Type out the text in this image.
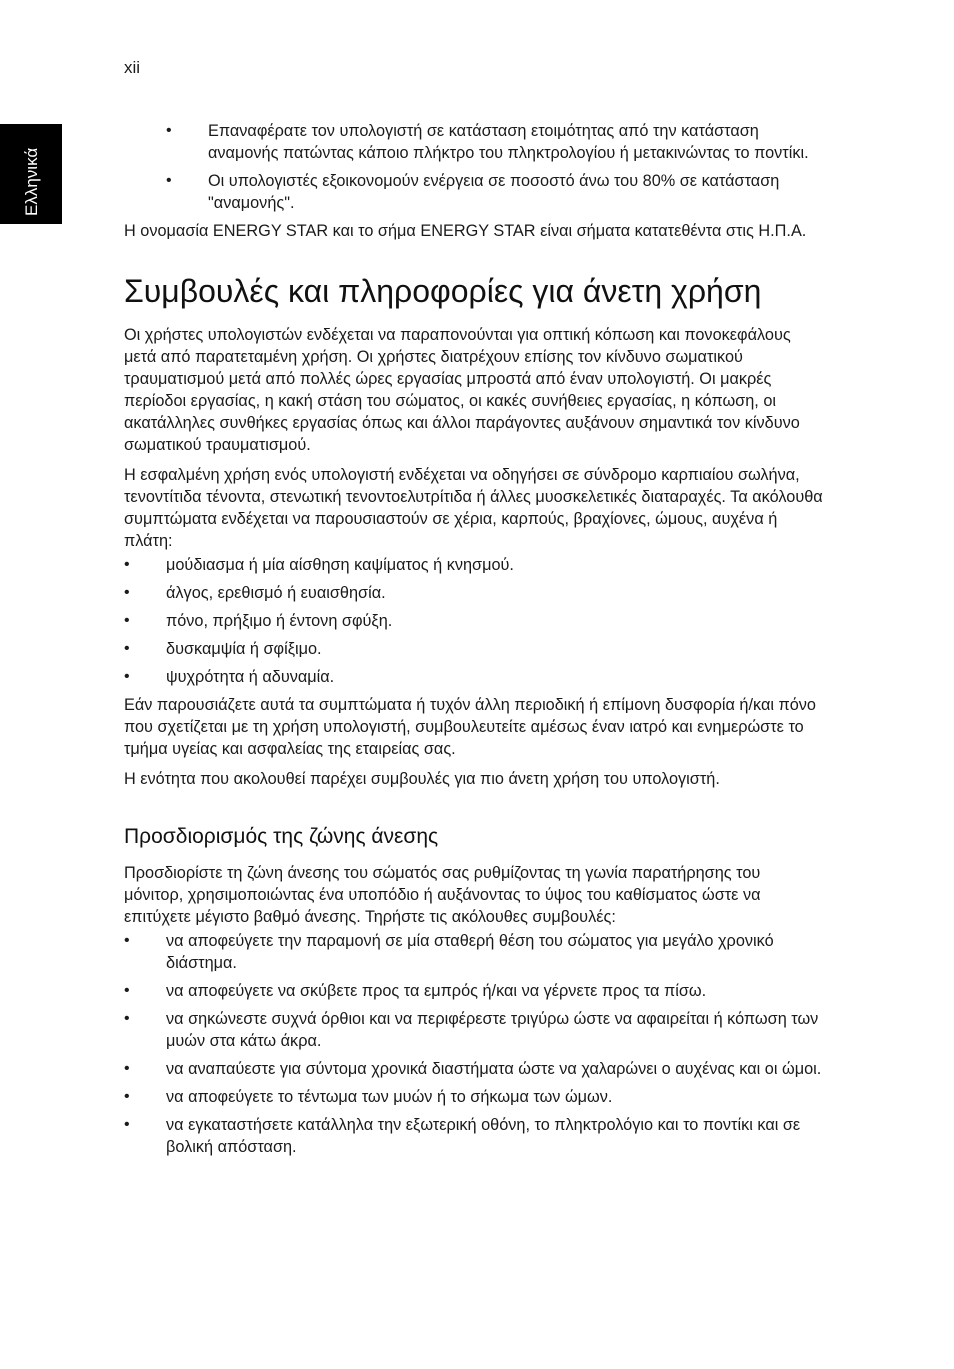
xii
Ελληνικά
• Επαναφέρατε τον υπολογιστή σε κατάσταση ετοιμότητας από την κατάσταση αναμονής πατώντας κάποιο πλήκτρο του πληκτρολογίου ή μετακινώντας το ποντίκι.
• Οι υπολογιστές εξοικονομούν ενέργεια σε ποσοστό άνω του 80% σε κατάσταση "αναμονής".

Η ονομασία ENERGY STAR και το σήμα ENERGY STAR είναι σήματα κατατεθέντα στις Η.Π.Α.

Συμβουλές και πληροφορίες για άνετη χρήση

Οι χρήστες υπολογιστών ενδέχεται να παραπονούνται για οπτική κόπωση και πονοκεφάλους μετά από παρατεταμένη χρήση. Οι χρήστες διατρέχουν επίσης τον κίνδυνο σωματικού τραυματισμού μετά από πολλές ώρες εργασίας μπροστά από έναν υπολογιστή. Οι μακρές περίοδοι εργασίας, η κακή στάση του σώματος, οι κακές συνήθειες εργασίας, η κόπωση, οι ακατάλληλες συνθήκες εργασίας όπως και άλλοι παράγοντες αυξάνουν σημαντικά τον κίνδυνο σωματικού τραυματισμού.

Η εσφαλμένη χρήση ενός υπολογιστή ενδέχεται να οδηγήσει σε σύνδρομο καρπιαίου σωλήνα, τενοντίτιδα τένοντα, στενωτική τενοντοελυτρίτιδα ή άλλες μυοσκελετικές διαταραχές. Τα ακόλουθα συμπτώματα ενδέχεται να παρουσιαστούν σε χέρια, καρπούς, βραχίονες, ώμους, αυχένα ή πλάτη:

• μούδιασμα ή μία αίσθηση καψίματος ή κνησμού.
• άλγος, ερεθισμό ή ευαισθησία.
• πόνο, πρήξιμο ή έντονη σφύξη.
• δυσκαμψία ή σφίξιμο.
• ψυχρότητα ή αδυναμία.

Εάν παρουσιάζετε αυτά τα συμπτώματα ή τυχόν άλλη περιοδική ή επίμονη δυσφορία ή/και πόνο που σχετίζεται με τη χρήση υπολογιστή, συμβουλευτείτε αμέσως έναν ιατρό και ενημερώστε το τμήμα υγείας και ασφαλείας της εταιρείας σας.

Η ενότητα που ακολουθεί παρέχει συμβουλές για πιο άνετη χρήση του υπολογιστή.

Προσδιορισμός της ζώνης άνεσης

Προσδιορίστε τη ζώνη άνεσης του σώματός σας ρυθμίζοντας τη γωνία παρατήρησης του μόνιτορ, χρησιμοποιώντας ένα υποπόδιο ή αυξάνοντας το ύψος του καθίσματος ώστε να επιτύχετε μέγιστο βαθμό άνεσης. Τηρήστε τις ακόλουθες συμβουλές:

• να αποφεύγετε την παραμονή σε μία σταθερή θέση του σώματος για μεγάλο χρονικό διάστημα.
• να αποφεύγετε να σκύβετε προς τα εμπρός ή/και να γέρνετε προς τα πίσω.
• να σηκώνεστε συχνά όρθιοι και να περιφέρεστε τριγύρω ώστε να αφαιρείται ή κόπωση των μυών στα κάτω άκρα.
• να αναπαύεστε για σύντομα χρονικά διαστήματα ώστε να χαλαρώνει ο αυχένας και οι ώμοι.
• να αποφεύγετε το τέντωμα των μυών ή το σήκωμα των ώμων.
• να εγκαταστήσετε κατάλληλα την εξωτερική οθόνη, το πληκτρολόγιο και το ποντίκι και σε βολική απόσταση.
